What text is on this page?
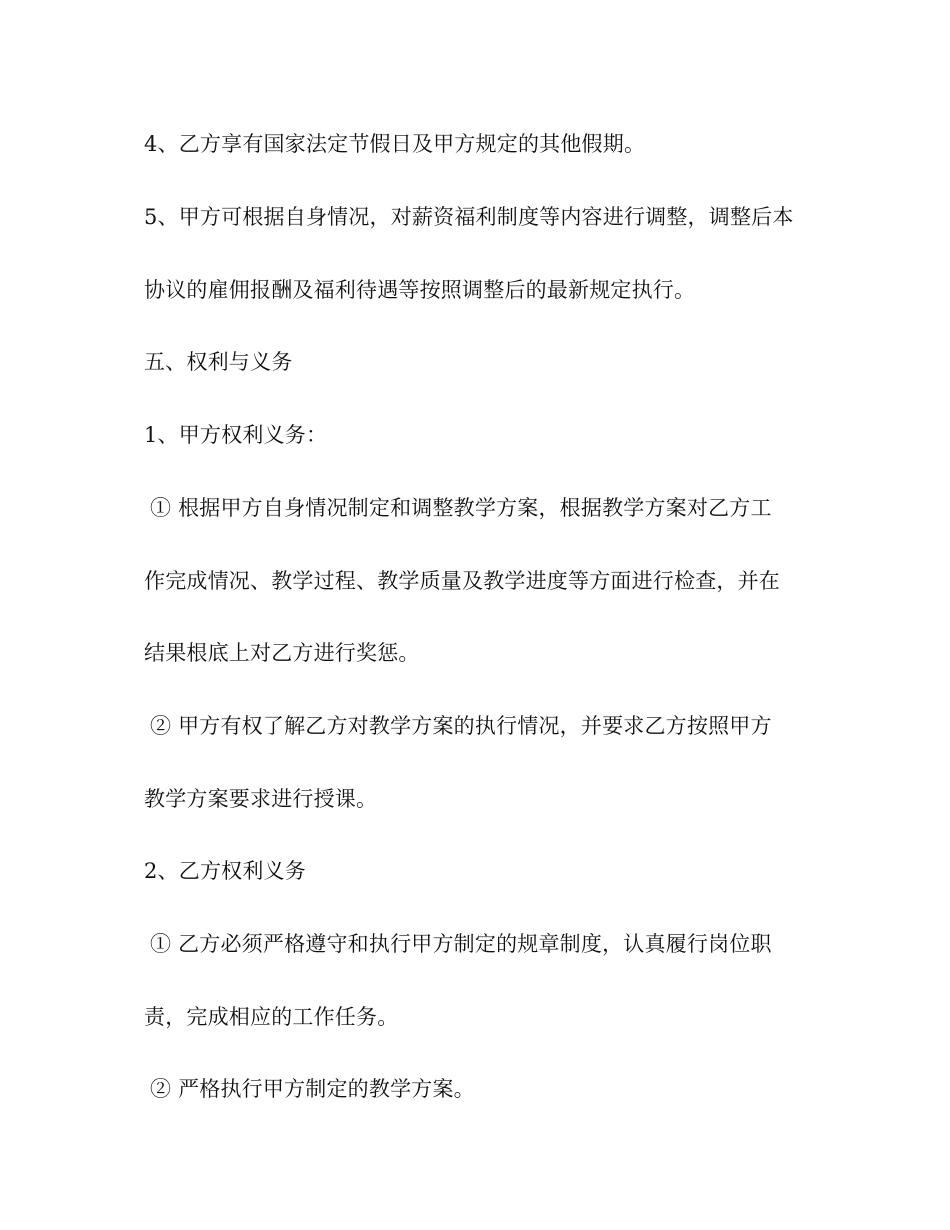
4、乙方享有国家法定节假日及甲方规定的其他假期。
5、甲方可根据自身情况，对薪资福利制度等内容进行调整，调整后本
协议的雇佣报酬及福利待遇等按照调整后的最新规定执行。
五、权利与义务
1、甲方权利义务：
① 根据甲方自身情况制定和调整教学方案，根据教学方案对乙方工
作完成情况、教学过程、教学质量及教学进度等方面进行检查，并在
结果根底上对乙方进行奖惩。
② 甲方有权了解乙方对教学方案的执行情况，并要求乙方按照甲方
教学方案要求进行授课。
2、乙方权利义务
① 乙方必须严格遵守和执行甲方制定的规章制度，认真履行岗位职
责，完成相应的工作任务。
② 严格执行甲方制定的教学方案。
